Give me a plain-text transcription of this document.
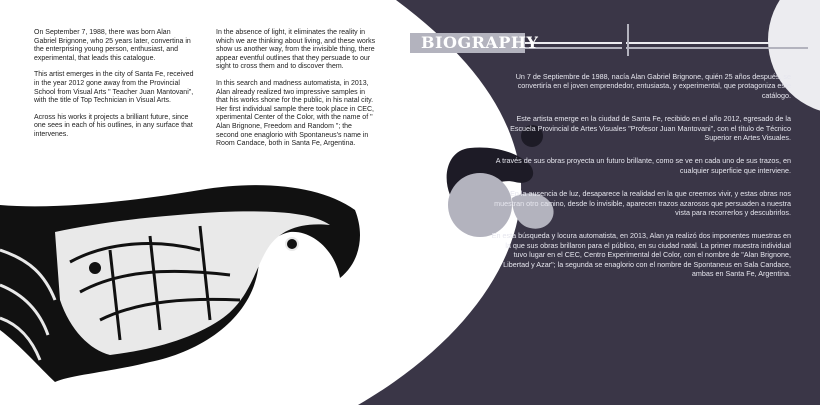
On September 7, 1988, there was born Alan Gabriel Brignone, who 25 years later, convertina in the enterprising young person, enthusiast, and experimental, that leads this catalogue.

This artist emerges in the city of Santa Fe, received in the year 2012 gone away from the Provincial School from Visual Arts " Teacher Juan Mantovani", with the title of Top Technician in Visual Arts.

Across his works it projects a brilliant future, since one sees in each of his outlines, in any surface that intervenes.

In the absence of light, it eliminates the reality in which we are thinking about living, and these works show us another way, from the invisible thing, there appear eventful outlines that they persuade to our sight to cross them and to discover them.

In this search and madness automatista, in 2013, Alan already realized two impressive samples in that his works shone for the public, in his natal city. Her first individual sample there took place in CEC, xperimental Center of the Color, with the name of " Alan Brignone, Freedom and Random "; the second one enaglorio with Spontaneus's name in Room Candace, both in Santa Fe, Argentina.

BIOGRAPHY

Un 7 de Septiembre de 1988, nacía Alan Gabriel Brignone, quién 25 años después, se convertiría en el joven emprendedor, entusiasta, y experimental, que protagoniza este catálogo.

Este artista emerge en la ciudad de Santa Fe, recibido en el año 2012, egresado de la Escuela Provincial de Artes Visuales "Profesor Juan Mantovani", con el título de Técnico Superior en Artes Visuales.

A través de sus obras proyecta un futuro brillante, como se ve en cada uno de sus trazos, en cualquier superficie que interviene.

En la ausencia de luz, desaparece la realidad en la que creemos vivir, y estas obras nos muestran otro camino, desde lo invisible, aparecen trazos azarosos que persuaden a nuestra vista para recorrerlos y descubrirlos.

En esta búsqueda y locura automatista, en 2013, Alan ya realizó dos imponentes muestras en la que sus obras brillaron para el público, en su ciudad natal. La primer muestra individual tuvo lugar en el CEC, Centro Experimental del Color, con el nombre de "Alan Brignone, Libertad y Azar"; la segunda se enaglorio con el nombre de Spontaneus en Sala Candace, ambas en Santa Fe, Argentina.
